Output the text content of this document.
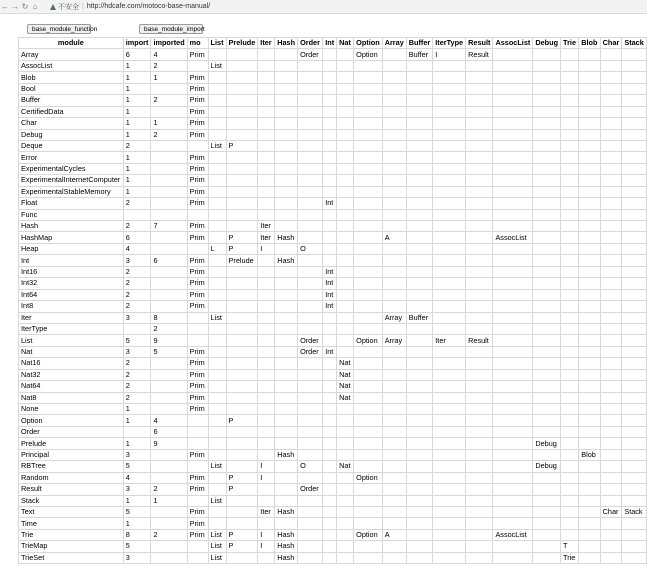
← → ↻ ⌂	不安全 | http://hdcafe.com/motoco-base-manual/
base_module_function	base_module_import
module	import	imported	mo	List	Prelude	Iter	Hash	Order	Int	Nat	Option	Array	Buffer	IterType	Result	AssocList	Debug	Trie	Blob	Char	Stack
Array	6	4	Prim					Order			Option		Buffer	I	Result						
AssocList	1	2		List																	
Blob	1	1	Prim																		
Bool	1		Prim																		
Buffer	1	2	Prim																		
CertifiedData	1		Prim																		
Char	1	1	Prim																		
Debug	1	2	Prim																		
Deque	2			List	P																
Error	1		Prim																		
ExperimentalCycles	1		Prim																		
ExperimentalInternetComputer	1		Prim																		
ExperimentalStableMemory	1		Prim																		
Float	2		Prim						Int												
Func																					
Hash	2	7	Prim			Iter															
HashMap	6		Prim		P	Iter	Hash					A				AssocList					
Heap	4			L	P	I		O													
Int	3	6	Prim		Prelude		Hash														
Int16	2		Prim						Int												
Int32	2		Prim						Int												
Int64	2		Prim						Int												
Int8	2		Prim						Int												
Iter	3	8		List								Array	Buffer								
IterType		2																			
List	5	9						Order			Option	Array		Iter	Result						
Nat	3	5	Prim					Order	Int												
Nat16	2		Prim							Nat											
Nat32	2		Prim							Nat											
Nat64	2		Prim							Nat											
Nat8	2		Prim							Nat											
None	1		Prim																		
Option	1	4			P																
Order		6																			
Prelude	1	9															Debug				
Principal	3		Prim				Hash												Blob		
RBTree	5			List		I		O		Nat							Debug				
Random	4		Prim		P	I					Option										
Result	3	2	Prim		P			Order													
Stack	1	1		List																	
Text	5		Prim			Iter	Hash													Char	Stack
Time	1		Prim																		
Trie	8	2	Prim	List	P	I	Hash				Option	A				AssocList					
TrieMap	5			List	P	I	Hash											T			
TrieSet	3			List			Hash											Trie			
